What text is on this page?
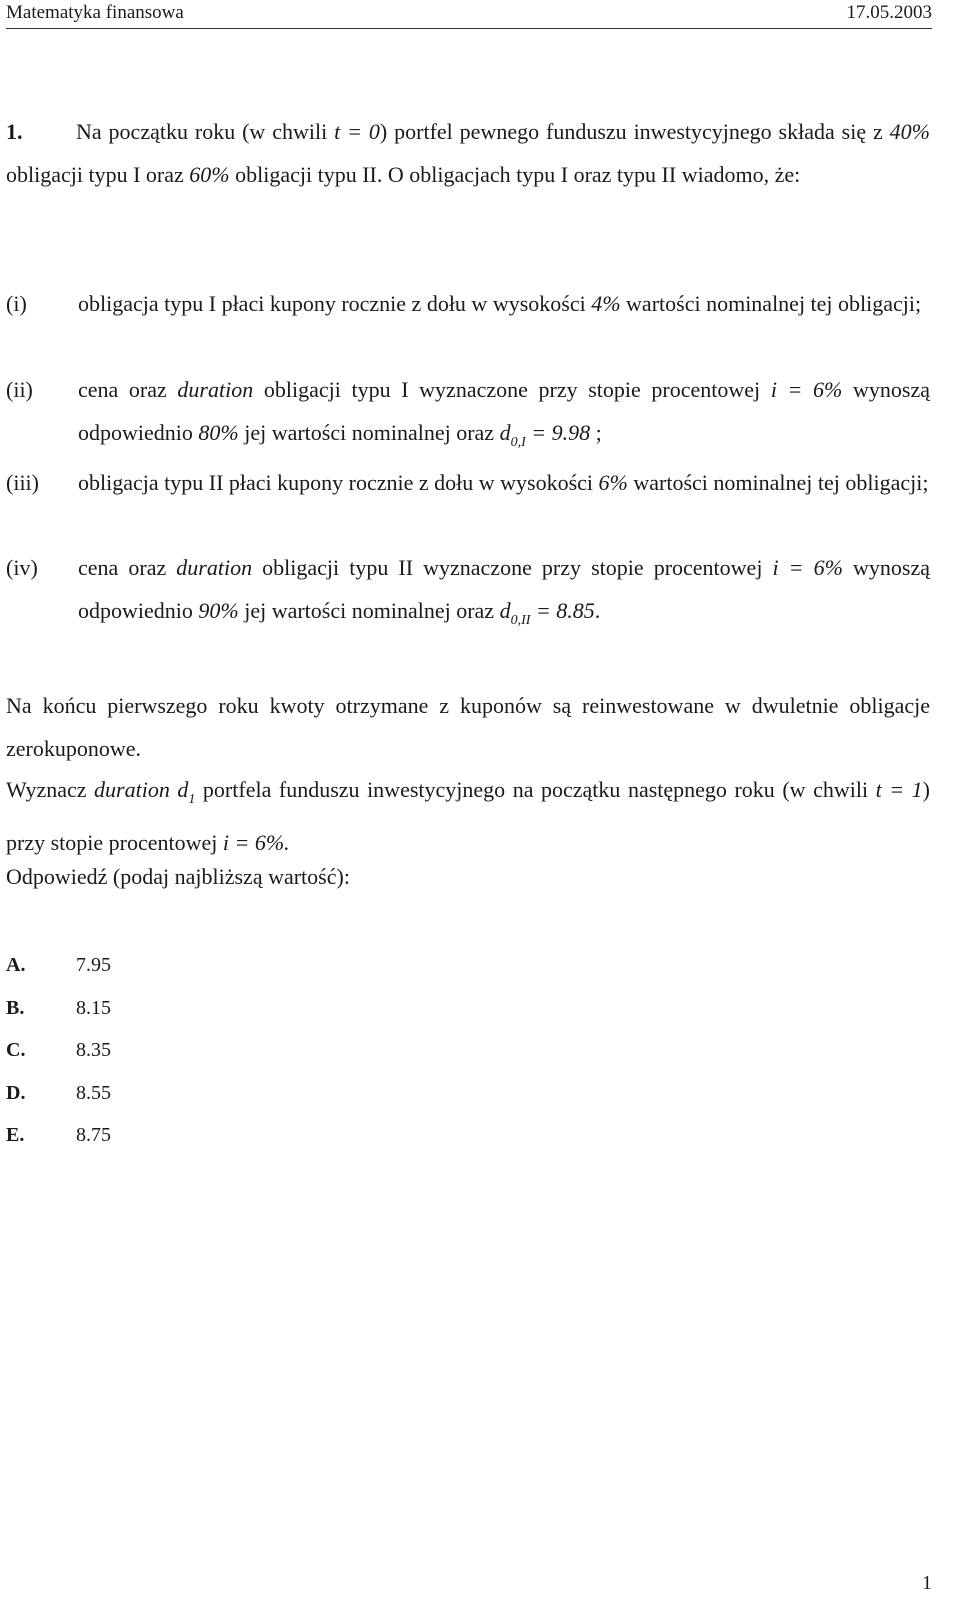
Matematyka finansowa	17.05.2003
1. Na początku roku (w chwili t = 0) portfel pewnego funduszu inwestycyjnego składa się z 40% obligacji typu I oraz 60% obligacji typu II. O obligacjach typu I oraz typu II wiadomo, że:
(i) obligacja typu I płaci kupony rocznie z dołu w wysokości 4% wartości nominalnej tej obligacji;
(ii) cena oraz duration obligacji typu I wyznaczone przy stopie procentowej i = 6% wynoszą odpowiednio 80% jej wartości nominalnej oraz $d_{0,I} = 9.98$ ;
(iii) obligacja typu II płaci kupony rocznie z dołu w wysokości 6% wartości nominalnej tej obligacji;
(iv) cena oraz duration obligacji typu II wyznaczone przy stopie procentowej i = 6% wynoszą odpowiednio 90% jej wartości nominalnej oraz $d_{0,II} = 8.85$.
Na końcu pierwszego roku kwoty otrzymane z kuponów są reinwestowane w dwuletnie obligacje zerokuponowe.
Wyznacz duration $d_1$ portfela funduszu inwestycyjnego na początku następnego roku (w chwili t = 1) przy stopie procentowej i = 6%.
Odpowiedź (podaj najbliższą wartość):
A.	7.95
B.	8.15
C.	8.35
D.	8.55
E.	8.75
1
